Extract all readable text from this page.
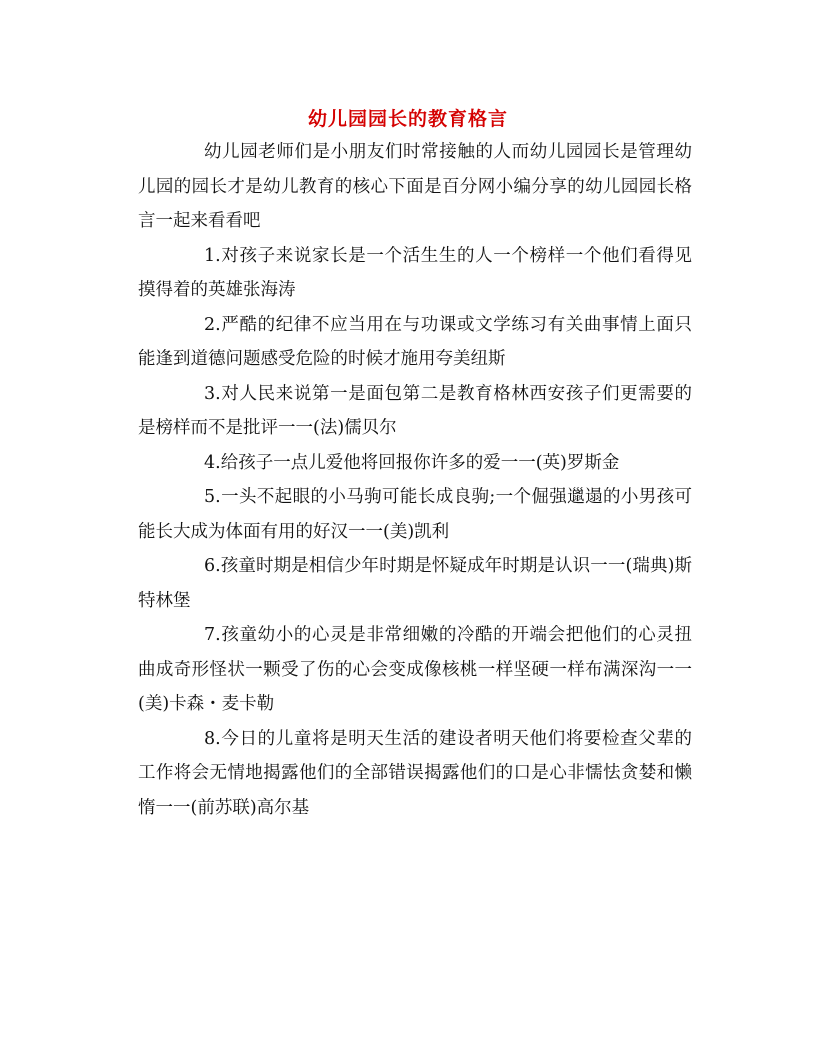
幼儿园园长的教育格言

幼儿园老师们是小朋友们时常接触的人而幼儿园园长是管理幼儿园的园长才是幼儿教育的核心下面是百分网小编分享的幼儿园园长格言一起来看看吧

1.对孩子来说家长是一个活生生的人一个榜样一个他们看得见摸得着的英雄张海涛

2.严酷的纪律不应当用在与功课或文学练习有关曲事情上面只能逢到道德问题感受危险的时候才施用夸美纽斯

3.对人民来说第一是面包第二是教育格林西安孩子们更需要的是榜样而不是批评一一(法)儒贝尔

4.给孩子一点儿爱他将回报你许多的爱一一(英)罗斯金

5.一头不起眼的小马驹可能长成良驹;一个倔强邋遢的小男孩可能长大成为体面有用的好汉一一(美)凯利

6.孩童时期是相信少年时期是怀疑成年时期是认识一一(瑞典)斯特林堡

7.孩童幼小的心灵是非常细嫩的冷酷的开端会把他们的心灵扭曲成奇形怪状一颗受了伤的心会变成像核桃一样坚硬一样布满深沟一一(美)卡森・麦卡勒

8.今日的儿童将是明天生活的建设者明天他们将要检查父辈的工作将会无情地揭露他们的全部错误揭露他们的口是心非懦怯贪婪和懒惰一一(前苏联)高尔基
